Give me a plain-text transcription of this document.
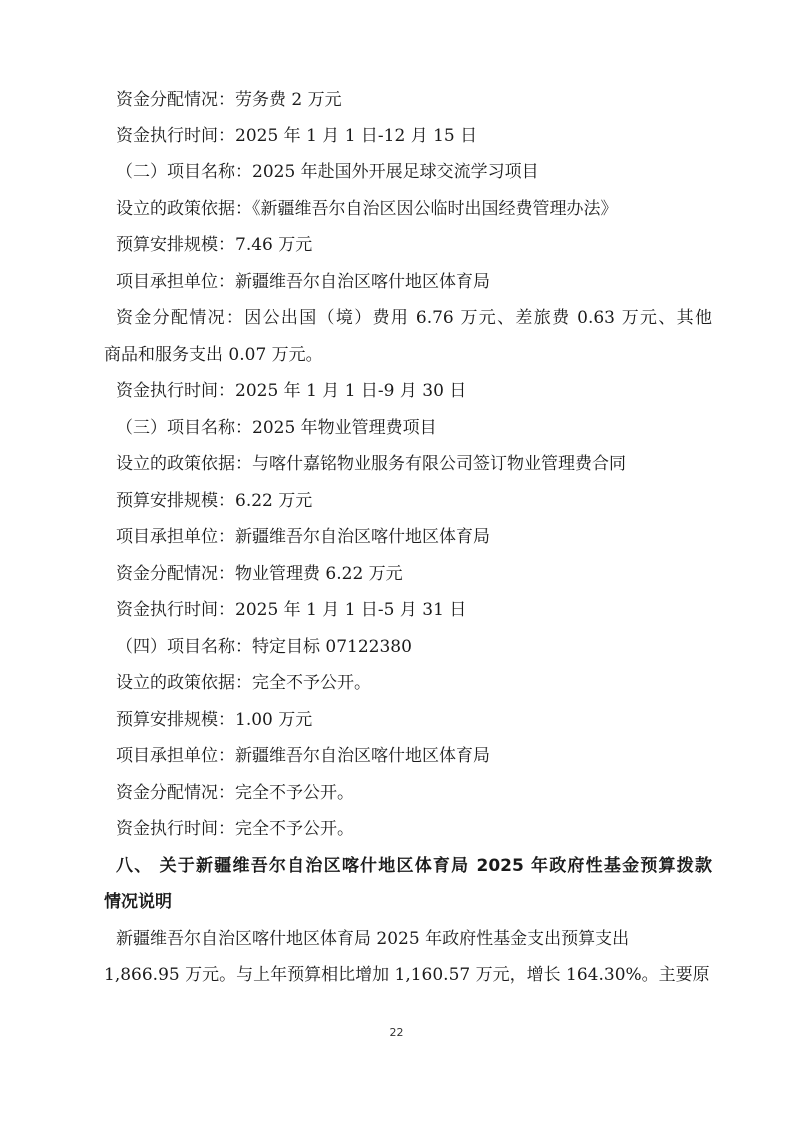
资金分配情况：劳务费 2 万元
资金执行时间：2025 年 1 月 1 日-12 月 15 日
（二）项目名称：2025 年赴国外开展足球交流学习项目
设立的政策依据：《新疆维吾尔自治区因公临时出国经费管理办法》
预算安排规模：7.46 万元
项目承担单位：新疆维吾尔自治区喀什地区体育局
资金分配情况：因公出国（境）费用 6.76 万元、差旅费 0.63 万元、其他
商品和服务支出 0.07 万元。
资金执行时间：2025 年 1 月 1 日-9 月 30 日
（三）项目名称：2025 年物业管理费项目
设立的政策依据：与喀什嘉铭物业服务有限公司签订物业管理费合同
预算安排规模：6.22 万元
项目承担单位：新疆维吾尔自治区喀什地区体育局
资金分配情况：物业管理费 6.22 万元
资金执行时间：2025 年 1 月 1 日-5 月 31 日
（四）项目名称：特定目标 07122380
设立的政策依据：完全不予公开。
预算安排规模：1.00 万元
项目承担单位：新疆维吾尔自治区喀什地区体育局
资金分配情况：完全不予公开。
资金执行时间：完全不予公开。
八、 关于新疆维吾尔自治区喀什地区体育局 2025 年政府性基金预算拨款
情况说明
新疆维吾尔自治区喀什地区体育局 2025 年政府性基金支出预算支出
1,866.95 万元。与上年预算相比增加 1,160.57 万元，增长 164.30%。主要原
22
